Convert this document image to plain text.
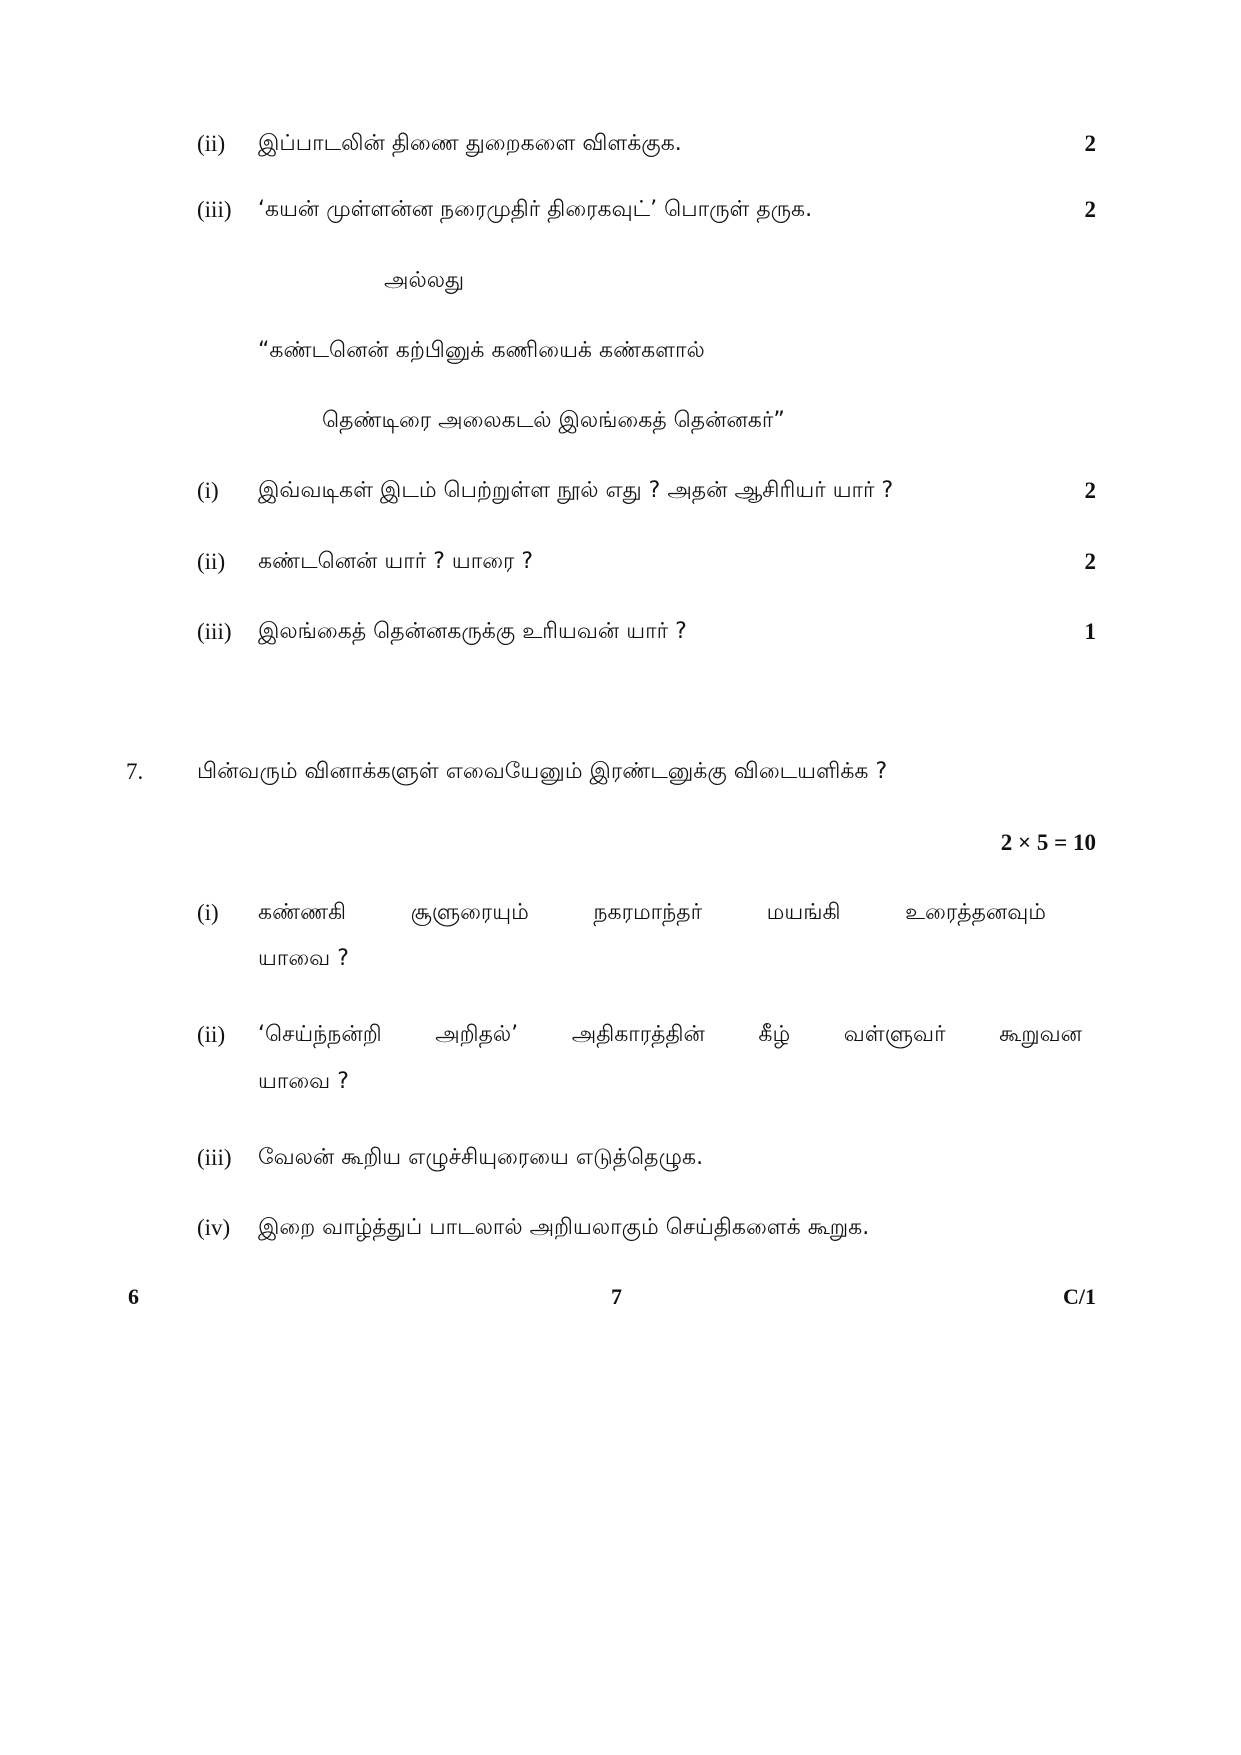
(ii) இப்பாடலின் திணை துறைகளை விளக்குக.	2
(iii) ‘கயன் முள்ளன்ன நரைமுதிர் திரைகவுட்’ பொருள் தருக.	2
அல்லது
“கண்டனென் கற்பினுக் கணியைக் கண்களால்
தெண்டிரை அலைகடல் இலங்கைத் தென்னகர்”
(i) இவ்வடிகள் இடம் பெற்றுள்ள நூல் எது ? அதன் ஆசிரியர் யார் ?	2
(ii) கண்டனென் யார் ? யாரை ?	2
(iii) இலங்கைத் தென்னகருக்கு உரியவன் யார் ?	1
7. பின்வரும் வினாக்களுள் எவையேனும் இரண்டனுக்கு விடையளிக்க ?
2 × 5 = 10
(i) கண்ணகி சூளுரையும் நகரமாந்தர் மயங்கி உரைத்தனவும்
யாவை ?
(ii) ‘செய்ந்நன்றி அறிதல்’ அதிகாரத்தின் கீழ் வள்ளுவர் கூறுவன
யாவை ?
(iii) வேலன் கூறிய எழுச்சியுரையை எடுத்தெழுக.
(iv) இறை வாழ்த்துப் பாடலால் அறியலாகும் செய்திகளைக் கூறுக.
6	7	C/1
